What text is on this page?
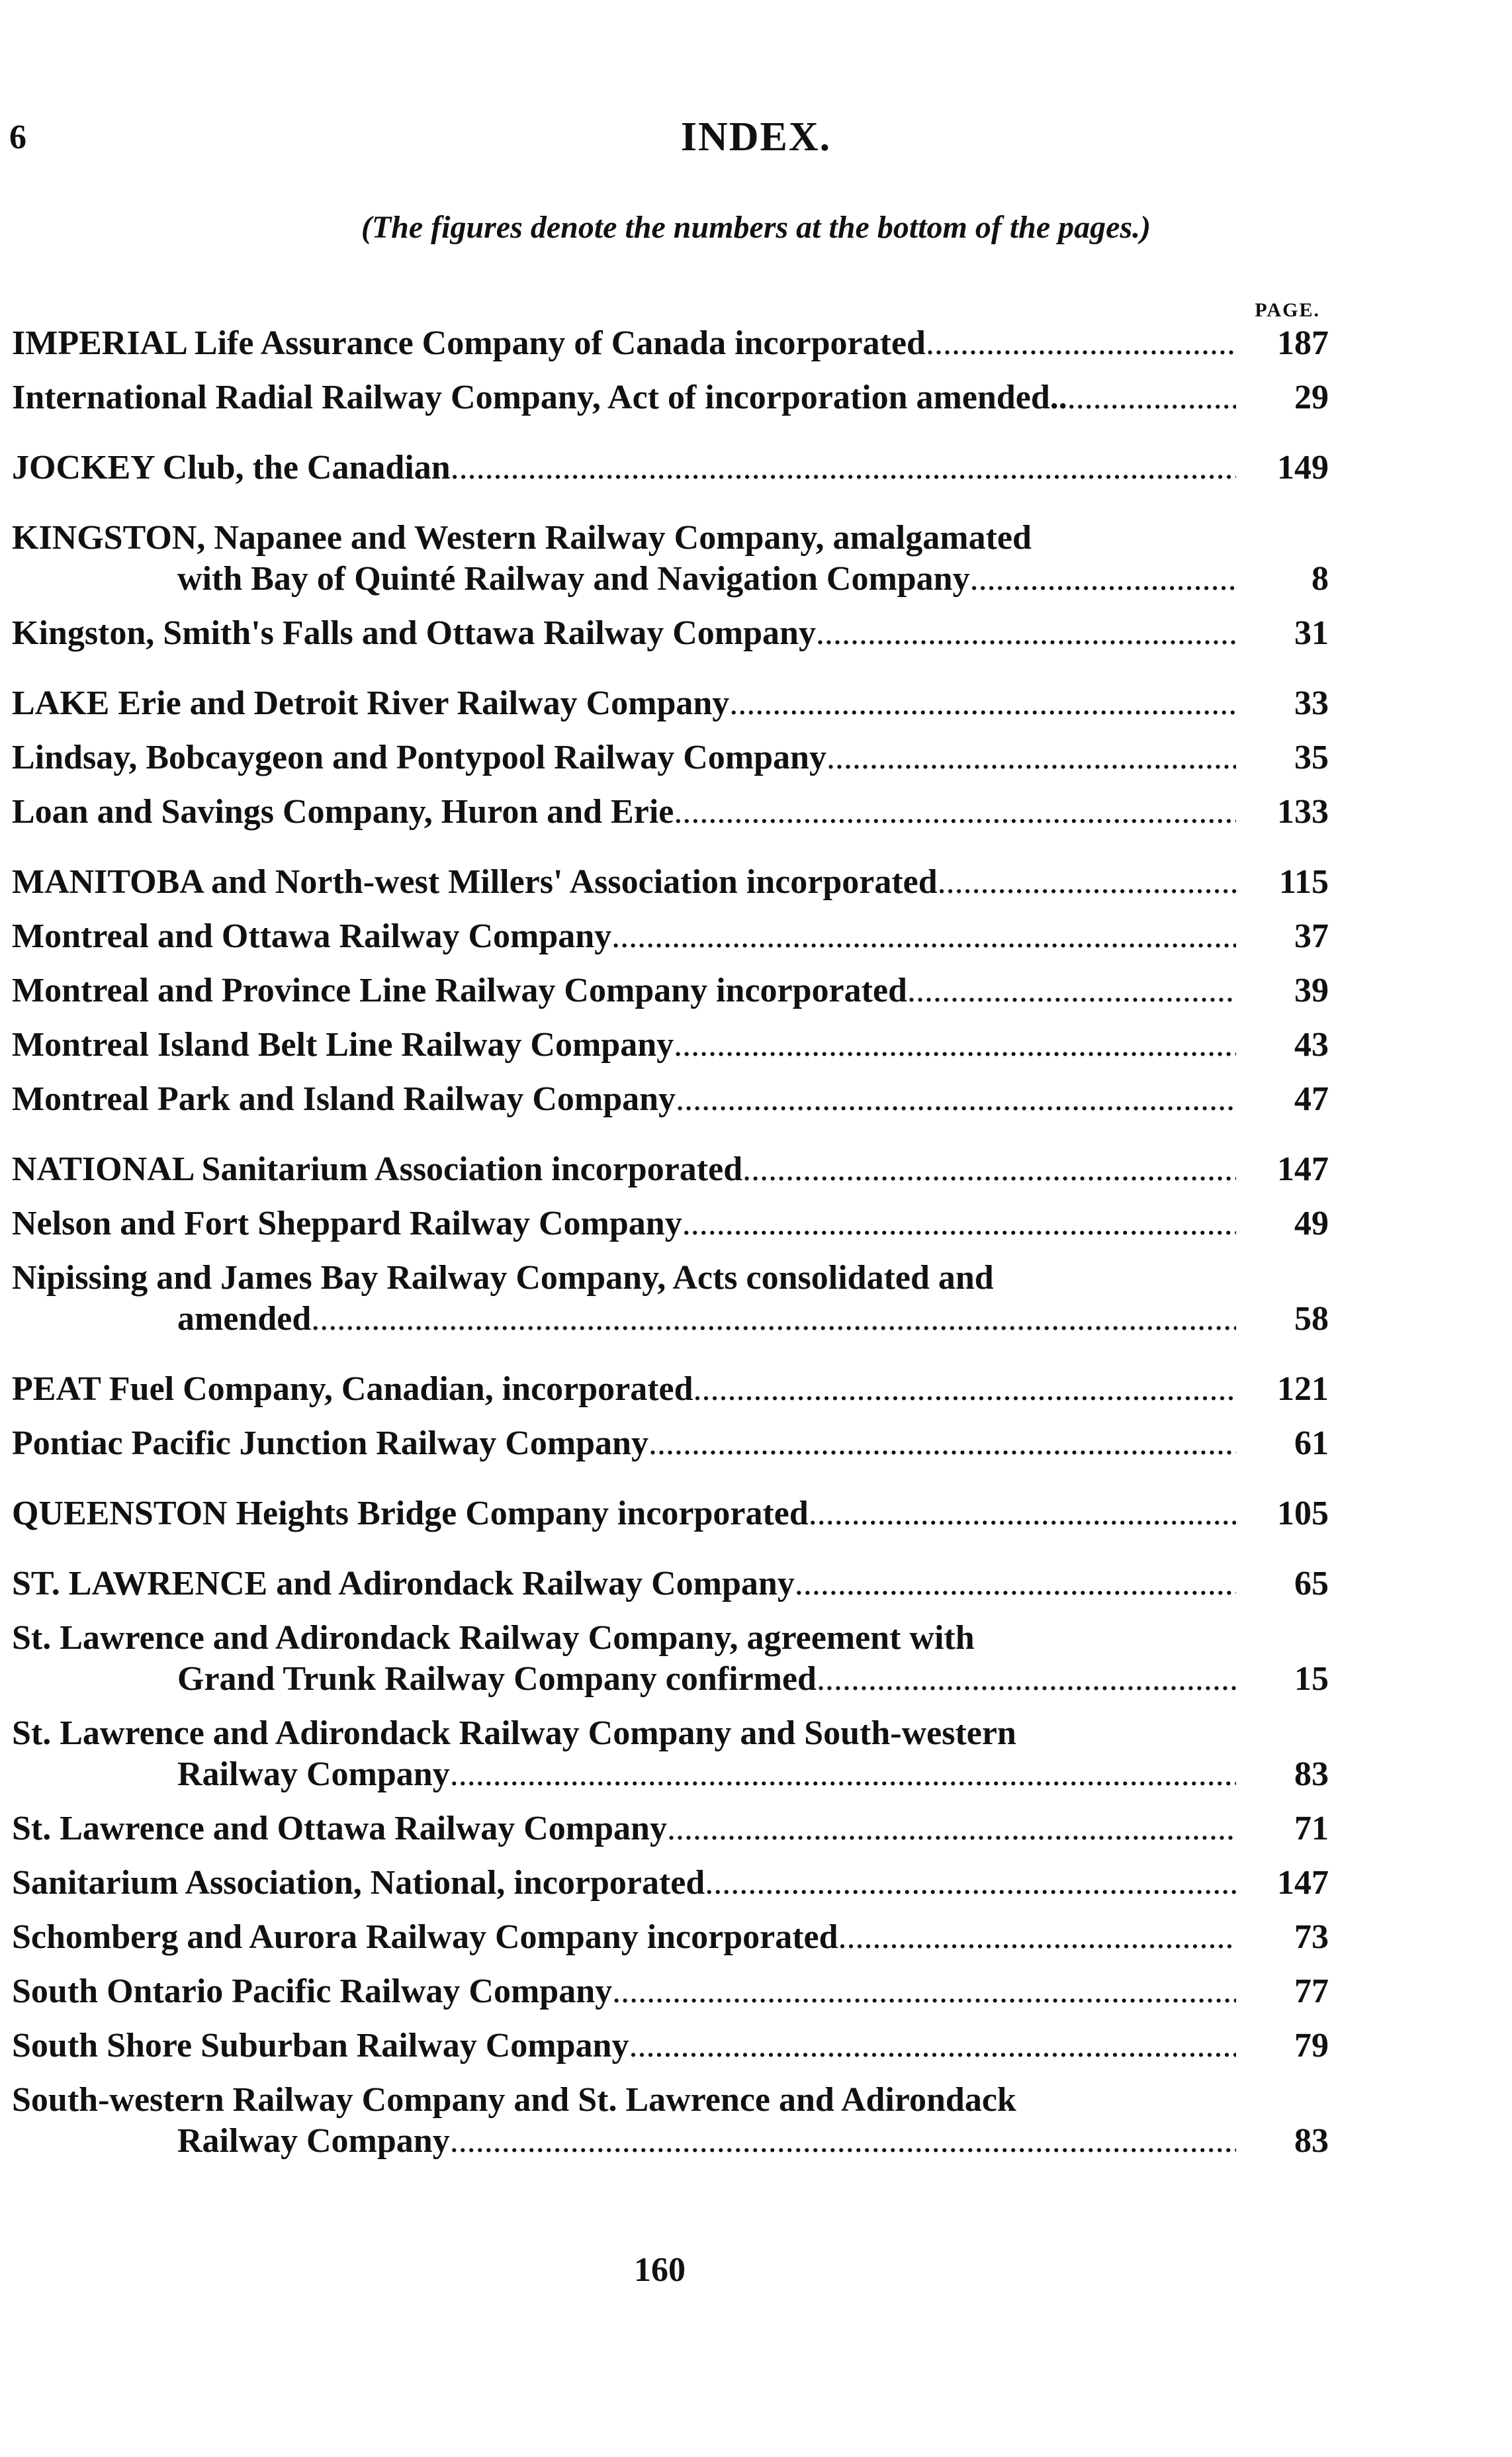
6	INDEX.
(The figures denote the numbers at the bottom of the pages.)
PAGE.
IMPERIAL Life Assurance Company of Canada incorporated .....	187
International Radial Railway Company, Act of incorporation amended.. .....	29
JOCKEY Club, the Canadian .....	149
KINGSTON, Napanee and Western Railway Company, amalgamated
with Bay of Quinté Railway and Navigation Company .....	8
Kingston, Smith's Falls and Ottawa Railway Company .....	31
LAKE Erie and Detroit River Railway Company .....	33
Lindsay, Bobcaygeon and Pontypool Railway Company .....	35
Loan and Savings Company, Huron and Erie .....	133
MANITOBA and North-west Millers' Association incorporated .....	115
Montreal and Ottawa Railway Company .....	37
Montreal and Province Line Railway Company incorporated .....	39
Montreal Island Belt Line Railway Company .....	43
Montreal Park and Island Railway Company .....	47
NATIONAL Sanitarium Association incorporated .....	147
Nelson and Fort Sheppard Railway Company .....	49
Nipissing and James Bay Railway Company, Acts consolidated and
amended .....	58
PEAT Fuel Company, Canadian, incorporated .....	121
Pontiac Pacific Junction Railway Company .....	61
QUEENSTON Heights Bridge Company incorporated .....	105
ST. LAWRENCE and Adirondack Railway Company .....	65
St. Lawrence and Adirondack Railway Company, agreement with
Grand Trunk Railway Company confirmed .....	15
St. Lawrence and Adirondack Railway Company and South-western
Railway Company .....	83
St. Lawrence and Ottawa Railway Company .....	71
Sanitarium Association, National, incorporated .....	147
Schomberg and Aurora Railway Company incorporated .....	73
South Ontario Pacific Railway Company .....	77
South Shore Suburban Railway Company .....	79
South-western Railway Company and St. Lawrence and Adirondack
Railway Company .....	83
160
